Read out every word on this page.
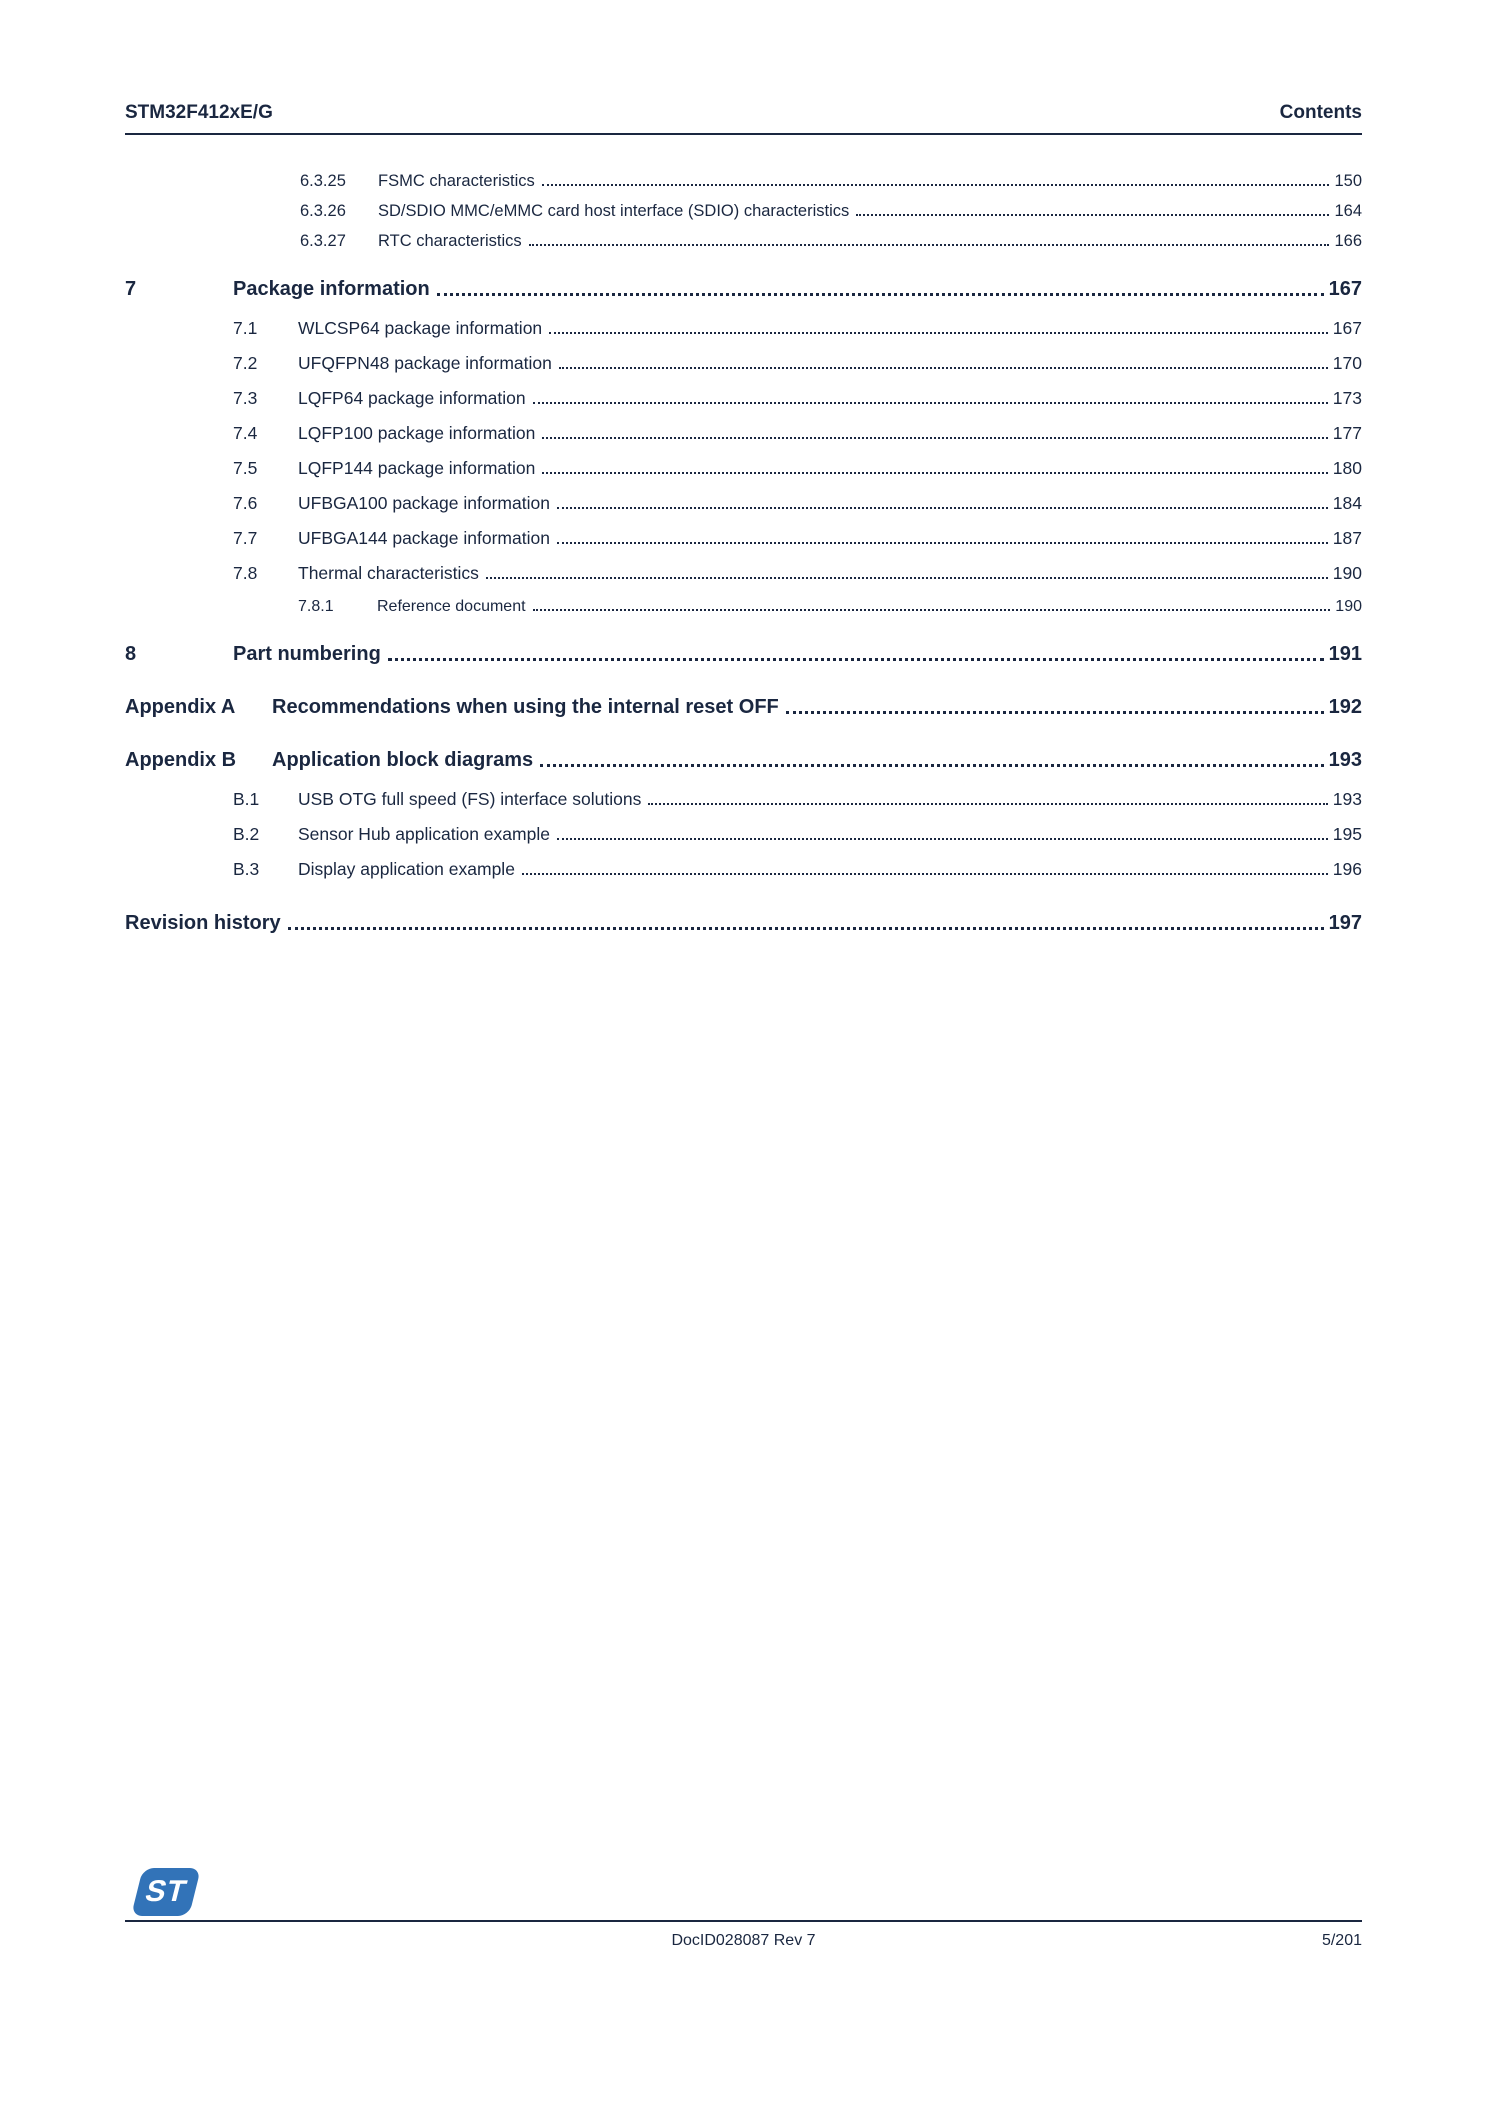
STM32F412xE/G	Contents
6.3.25	FSMC characteristics	150
6.3.26	SD/SDIO MMC/eMMC card host interface (SDIO) characteristics	164
6.3.27	RTC characteristics	166
7	Package information	167
7.1	WLCSP64 package information	167
7.2	UFQFPN48 package information	170
7.3	LQFP64 package information	173
7.4	LQFP100 package information	177
7.5	LQFP144 package information	180
7.6	UFBGA100 package information	184
7.7	UFBGA144 package information	187
7.8	Thermal characteristics	190
7.8.1	Reference document	190
8	Part numbering	191
Appendix A	Recommendations when using the internal reset OFF	192
Appendix B	Application block diagrams	193
B.1	USB OTG full speed (FS) interface solutions	193
B.2	Sensor Hub application example	195
B.3	Display application example	196
Revision history	197
ST
DocID028087 Rev 7	5/201
